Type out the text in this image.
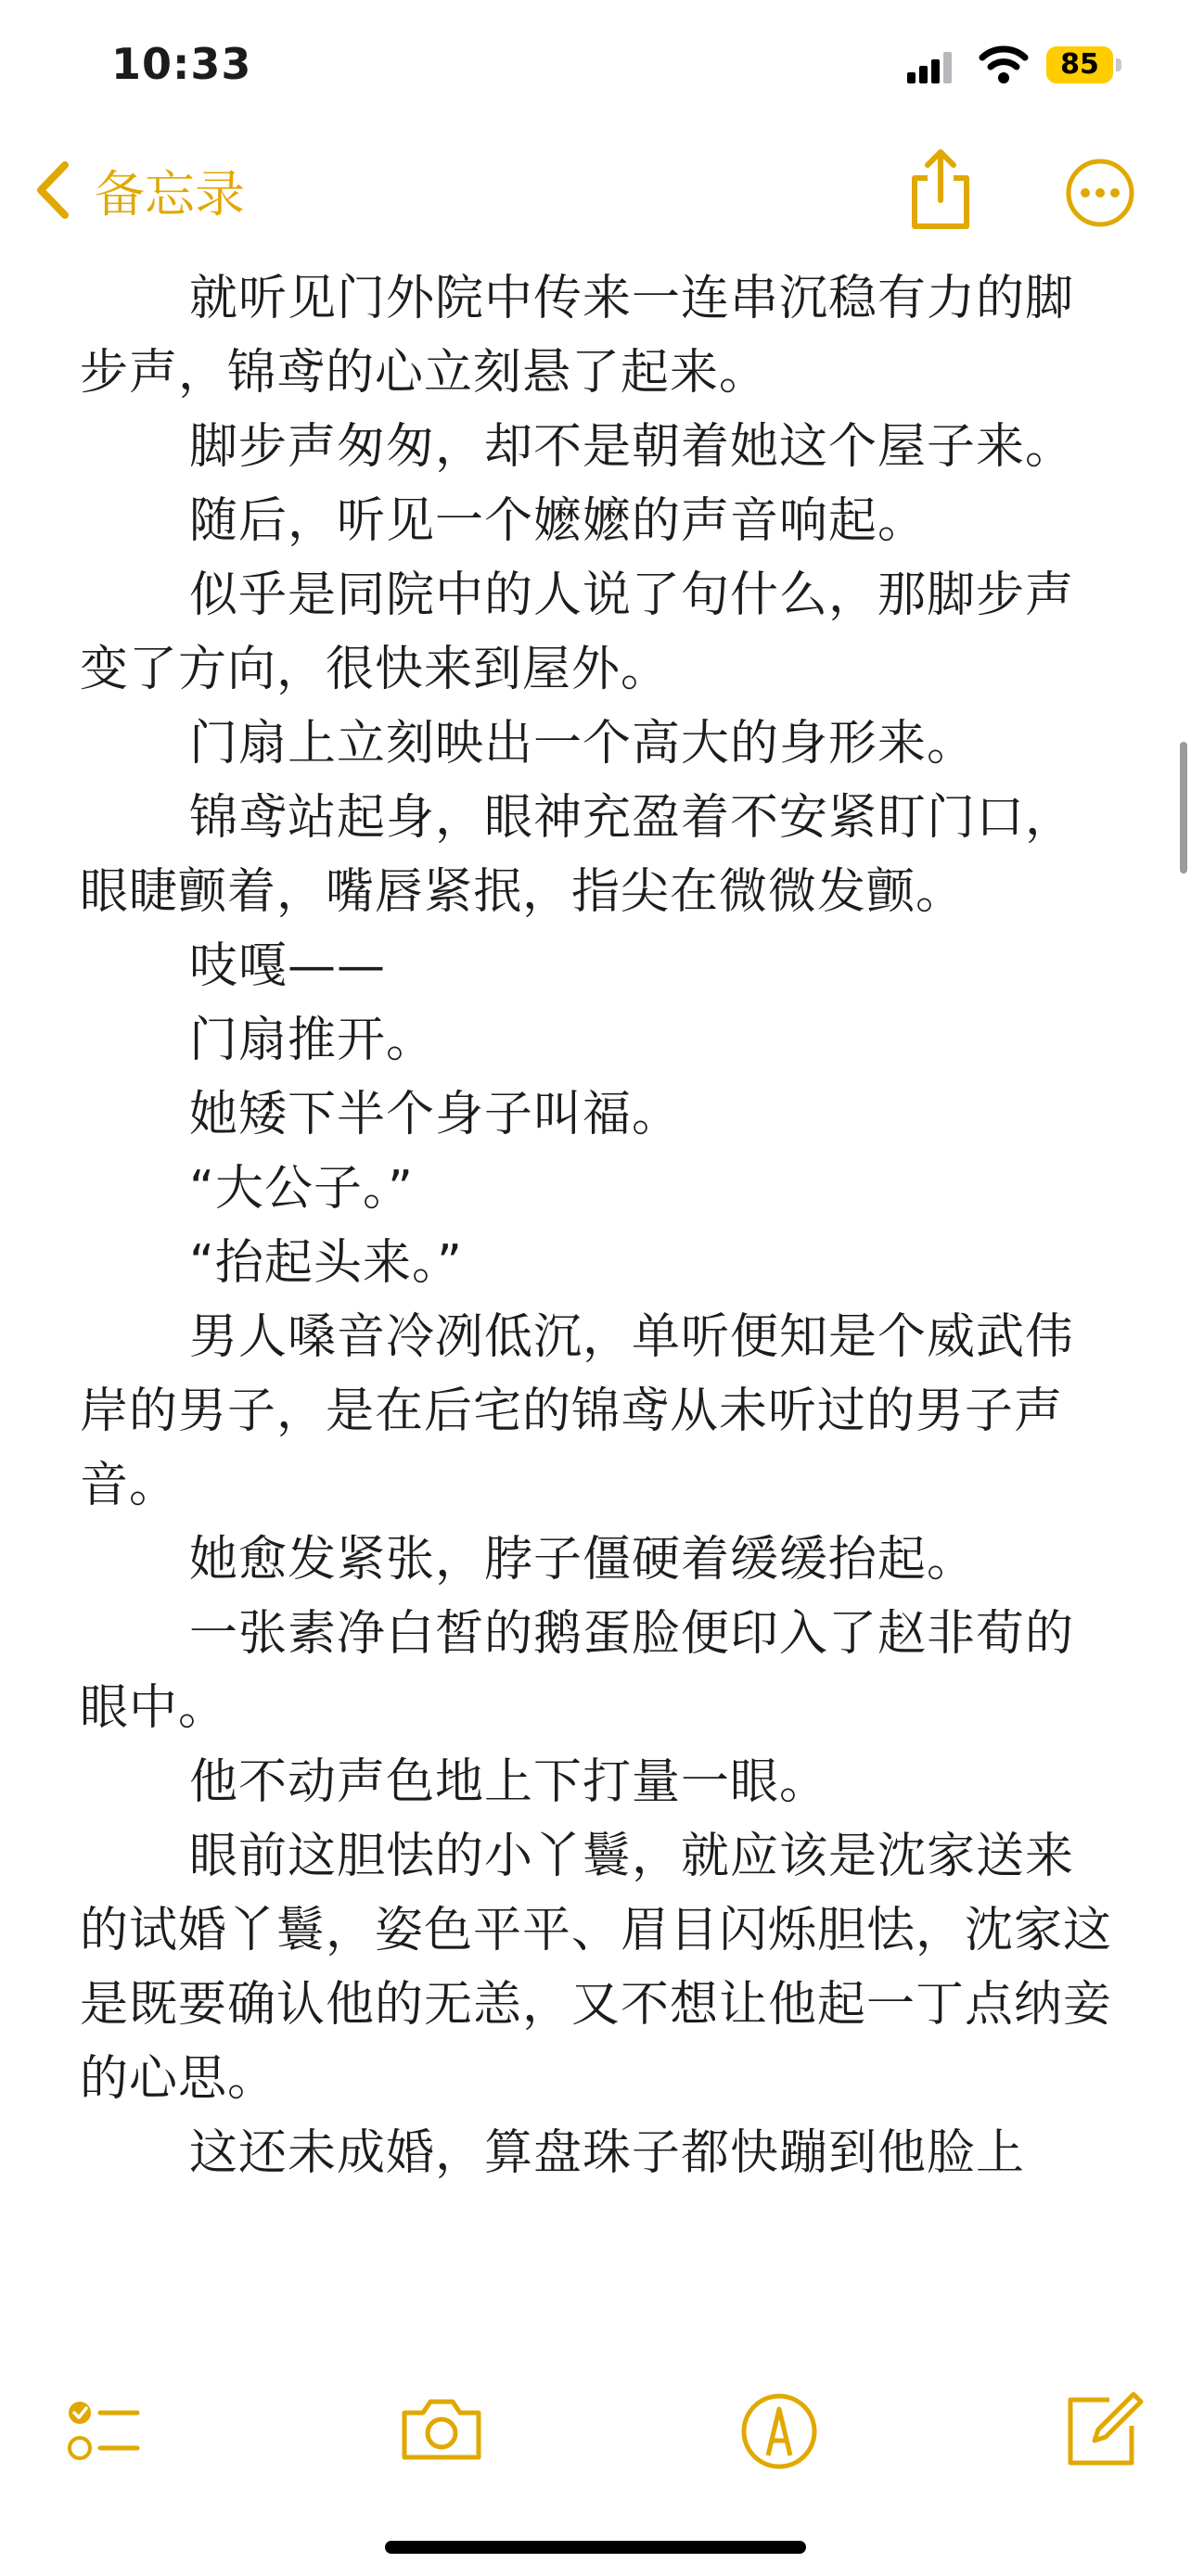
10:33	85
备忘录
就听见门外院中传来一连串沉稳有力的脚步声，锦鸢的心立刻悬了起来。
脚步声匆匆，却不是朝着她这个屋子来。
随后，听见一个嬷嬷的声音响起。
似乎是同院中的人说了句什么，那脚步声变了方向，很快来到屋外。
门扇上立刻映出一个高大的身形来。
锦鸢站起身，眼神充盈着不安紧盯门口，眼睫颤着，嘴唇紧抿，指尖在微微发颤。
吱嘎——
门扇推开。
她矮下半个身子叫福。
“大公子。”
“抬起头来。”
男人嗓音冷冽低沉，单听便知是个威武伟岸的男子，是在后宅的锦鸢从未听过的男子声音。
她愈发紧张，脖子僵硬着缓缓抬起。
一张素净白皙的鹅蛋脸便印入了赵非荀的眼中。
他不动声色地上下打量一眼。
眼前这胆怯的小丫鬟，就应该是沈家送来的试婚丫鬟，姿色平平、眉目闪烁胆怯，沈家这是既要确认他的无恙，又不想让他起一丁点纳妾的心思。
这还未成婚，算盘珠子都快蹦到他脸上
